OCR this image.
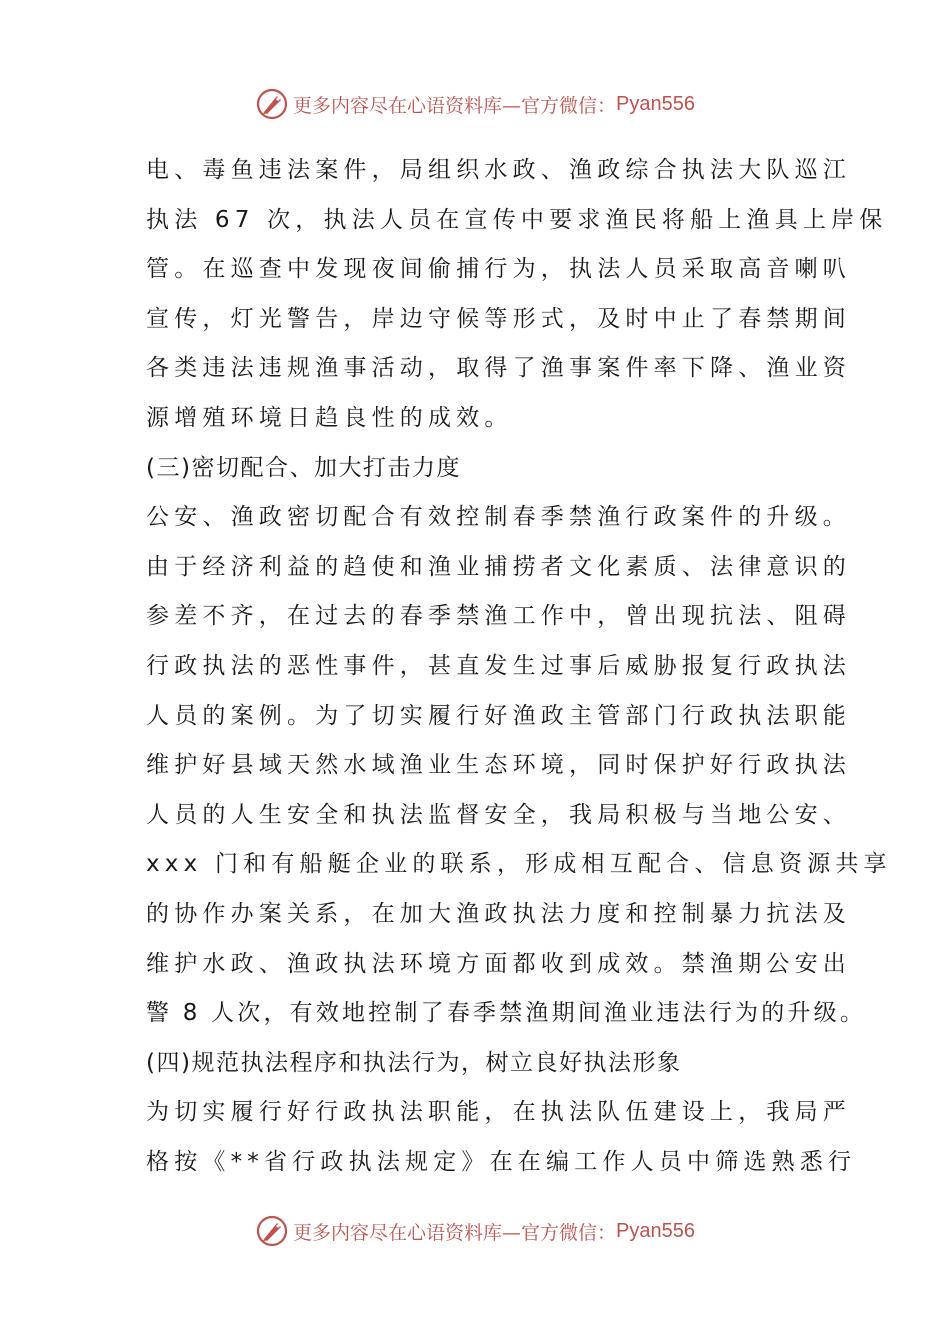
更多内容尽在心语资料库—官方微信： Pyan556
电、毒鱼违法案件，局组织水政、渔政综合执法大队巡江
执法 67 次，执法人员在宣传中要求渔民将船上渔具上岸保
管。在巡查中发现夜间偷捕行为，执法人员采取高音喇叭
宣传，灯光警告，岸边守候等形式，及时中止了春禁期间
各类违法违规渔事活动，取得了渔事案件率下降、渔业资
源增殖环境日趋良性的成效。
(三)密切配合、加大打击力度
公安、渔政密切配合有效控制春季禁渔行政案件的升级。
由于经济利益的趋使和渔业捕捞者文化素质、法律意识的
参差不齐，在过去的春季禁渔工作中，曾出现抗法、阻碍
行政执法的恶性事件，甚直发生过事后威胁报复行政执法
人员的案例。为了切实履行好渔政主管部门行政执法职能
维护好县域天然水域渔业生态环境，同时保护好行政执法
人员的人生安全和执法监督安全，我局积极与当地公安、
xxx 门和有船艇企业的联系，形成相互配合、信息资源共享
的协作办案关系，在加大渔政执法力度和控制暴力抗法及
维护水政、渔政执法环境方面都收到成效。禁渔期公安出
警 8 人次，有效地控制了春季禁渔期间渔业违法行为的升级。
(四)规范执法程序和执法行为，树立良好执法形象
为切实履行好行政执法职能，在执法队伍建设上，我局严
格按《**省行政执法规定》在在编工作人员中筛选熟悉行
更多内容尽在心语资料库—官方微信： Pyan556
